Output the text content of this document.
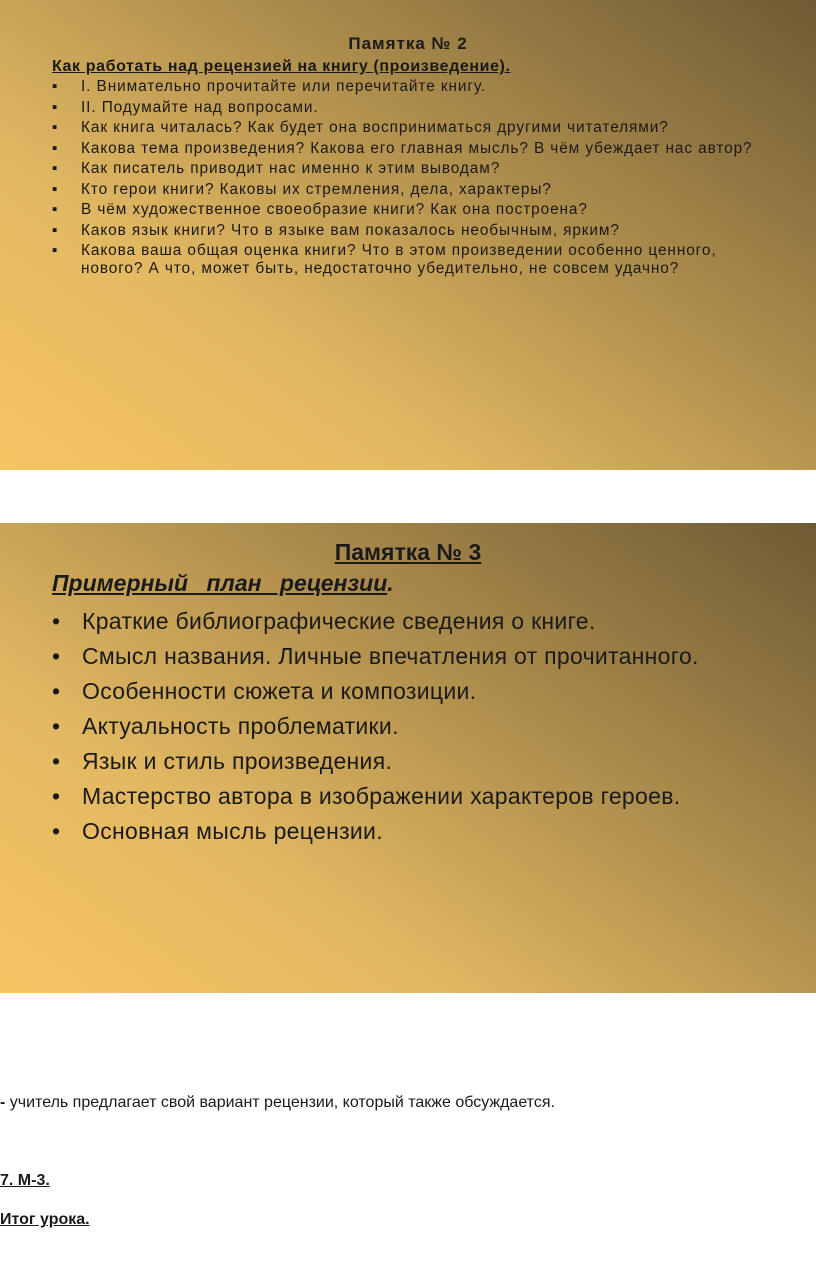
Памятка № 2
Как работать над рецензией на книгу (произведение).
▪ I. Внимательно прочитайте или перечитайте книгу.
▪ II. Подумайте над вопросами.
▪ Как книга читалась? Как будет она восприниматься другими читателями?
▪ Какова тема произведения? Какова его главная мысль? В чём убеждает нас автор?
▪ Как писатель приводит нас именно к этим выводам?
▪ Кто герои книги? Каковы их стремления, дела, характеры?
▪ В чём художественное своеобразие книги? Как она построена?
▪ Каков язык книги? Что в языке вам показалось необычным, ярким?
▪ Какова ваша общая оценка книги? Что в этом произведении особенно ценного, нового? А что, может быть, недостаточно убедительно, не совсем удачно?
Памятка № 3
Примерный план рецензии.
• Краткие библиографические сведения о книге.
• Смысл названия. Личные впечатления от прочитанного.
• Особенности сюжета и композиции.
• Актуальность проблематики.
• Язык и стиль произведения.
• Мастерство автора в изображении характеров героев.
• Основная мысль рецензии.
- учитель предлагает свой вариант рецензии, который также обсуждается.
7. М-3.
Итог урока.
